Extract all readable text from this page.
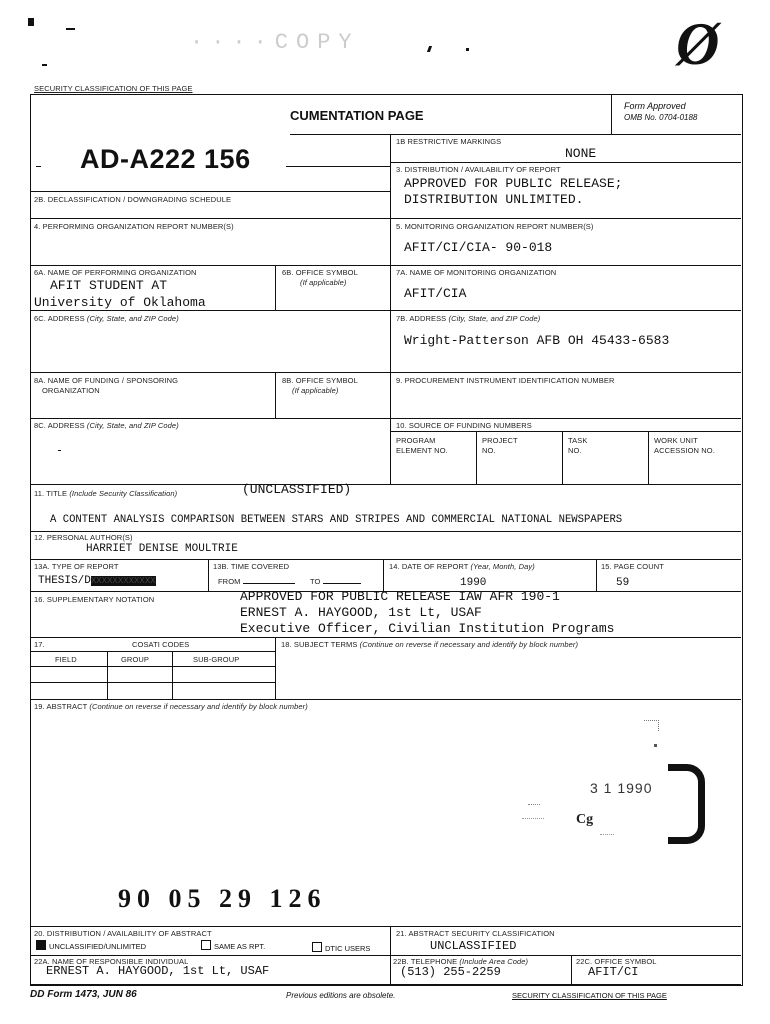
····COPY	Ø
SECURITY CLASSIFICATION OF THIS PAGE
CUMENTATION PAGE
Form Approved
OMB No. 0704-0188
AD-A222 156
1B RESTRICTIVE MARKINGS
NONE
3. DISTRIBUTION / AVAILABILITY OF REPORT
APPROVED FOR PUBLIC RELEASE;
DISTRIBUTION UNLIMITED.
2B. DECLASSIFICATION / DOWNGRADING SCHEDULE
4. PERFORMING ORGANIZATION REPORT NUMBER(S)	5. MONITORING ORGANIZATION REPORT NUMBER(S)
AFIT/CI/CIA- 90-018
6A. NAME OF PERFORMING ORGANIZATION
AFIT STUDENT AT
University of Oklahoma
6B. OFFICE SYMBOL
(If applicable)
7A. NAME OF MONITORING ORGANIZATION
AFIT/CIA
6C. ADDRESS (City, State, and ZIP Code)	7B. ADDRESS (City, State, and ZIP Code)
Wright-Patterson AFB OH 45433-6583
8A. NAME OF FUNDING / SPONSORING
ORGANIZATION
8B. OFFICE SYMBOL
(If applicable)
9. PROCUREMENT INSTRUMENT IDENTIFICATION NUMBER
8C. ADDRESS (City, State, and ZIP Code)	10. SOURCE OF FUNDING NUMBERS
PROGRAM
ELEMENT NO.
PROJECT
NO.
TASK
NO.
WORK UNIT
ACCESSION NO.
11. TITLE (Include Security Classification)	(UNCLASSIFIED)
A CONTENT ANALYSIS COMPARISON BETWEEN STARS AND STRIPES AND COMMERCIAL NATIONAL NEWSPAPERS
12. PERSONAL AUTHOR(S)
HARRIET DENISE MOULTRIE
13A. TYPE OF REPORT
THESIS/DXXXXXXXXXXXX
13B. TIME COVERED
FROM	TO
14. DATE OF REPORT (Year, Month, Day)
1990
15. PAGE COUNT
59
16. SUPPLEMENTARY NOTATION	APPROVED FOR PUBLIC RELEASE IAW AFR 190-1
ERNEST A. HAYGOOD, 1st Lt, USAF
Executive Officer, Civilian Institution Programs
17.	COSATI CODES
FIELD	GROUP	SUB-GROUP
18. SUBJECT TERMS (Continue on reverse if necessary and identify by block number)
19. ABSTRACT (Continue on reverse if necessary and identify by block number)
3 1 1990
Cg
90 05 29 126
20. DISTRIBUTION / AVAILABILITY OF ABSTRACT
UNCLASSIFIED/UNLIMITED	SAME AS RPT.	DTIC USERS
21. ABSTRACT SECURITY CLASSIFICATION
UNCLASSIFIED
22A. NAME OF RESPONSIBLE INDIVIDUAL
ERNEST A. HAYGOOD, 1st Lt, USAF
22B. TELEPHONE (Include Area Code)
(513) 255-2259
22C. OFFICE SYMBOL
AFIT/CI
DD Form 1473, JUN 86	Previous editions are obsolete.	SECURITY CLASSIFICATION OF THIS PAGE
